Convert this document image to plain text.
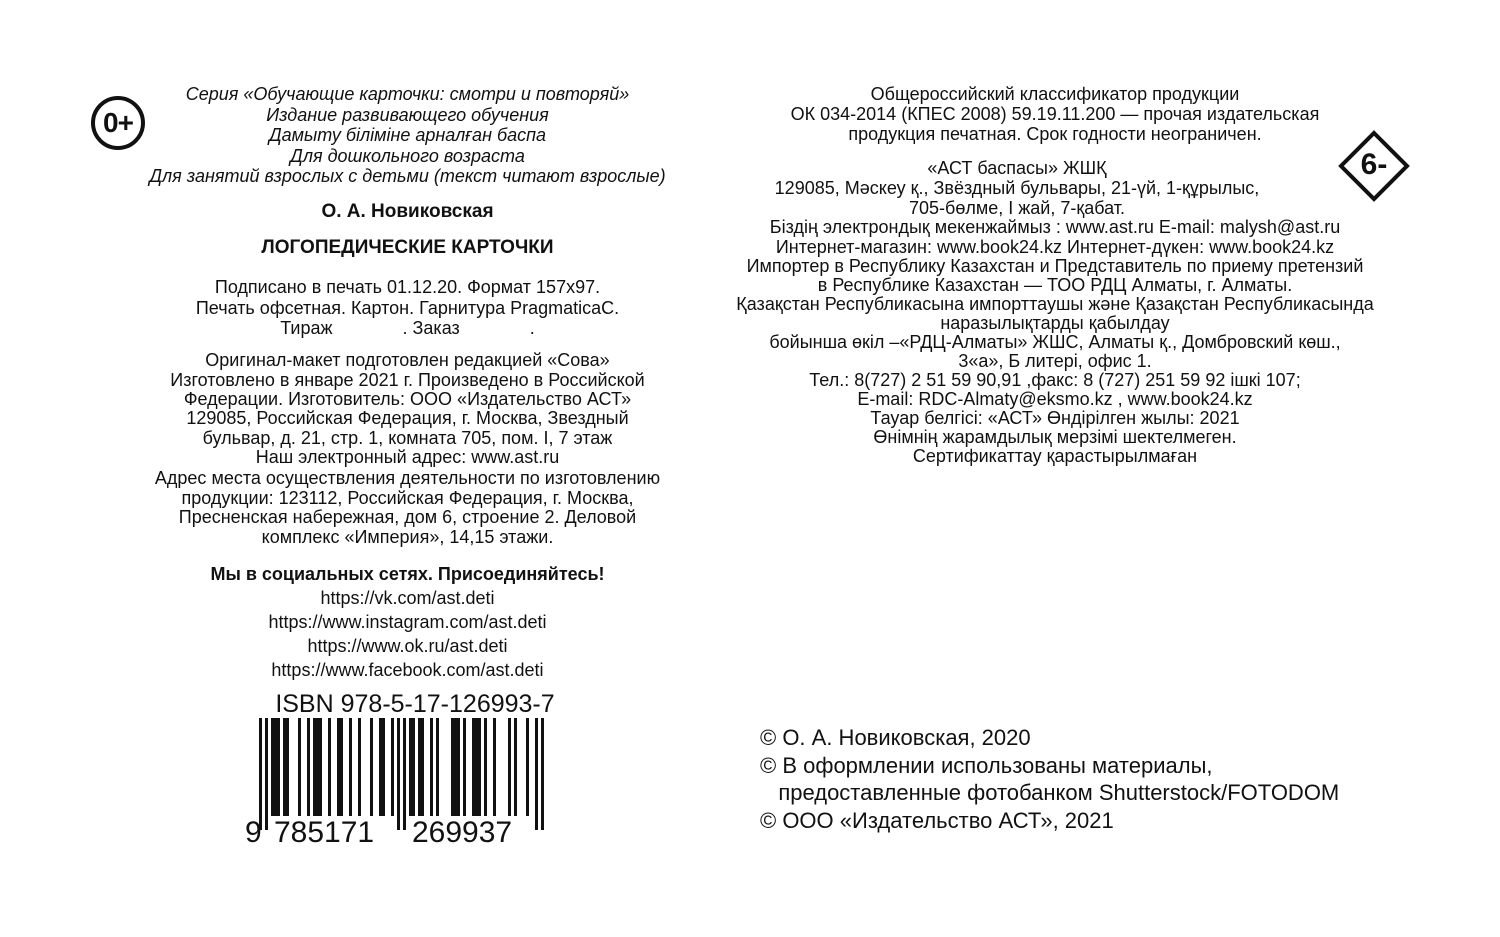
0+
6-
Серия «Обучающие карточки: смотри и повторяй»
Издание развивающего обучения
Дамыту біліміне арналған баспа
Для дошкольного возраста
Для занятий взрослых с детьми (текст читают взрослые)
О. А. Новиковская
ЛОГОПЕДИЧЕСКИЕ КАРТОЧКИ
Подписано в печать 01.12.20. Формат 157х97.
Печать офсетная. Картон. Гарнитура PragmaticaC.
Тираж              . Заказ              .
Оригинал-макет подготовлен редакцией «Сова»
Изготовлено в январе 2021 г. Произведено в Российской
Федерации. Изготовитель: ООО «Издательство АСТ»
129085, Российская Федерация, г. Москва, Звездный
бульвар, д. 21, стр. 1, комната 705, пом. I, 7 этаж
Наш электронный адрес: www.ast.ru
Адрес места осуществления деятельности по изготовлению
продукции: 123112, Российская Федерация, г. Москва,
Пресненская набережная, дом 6, строение 2. Деловой
комплекс «Империя», 14,15 этажи.
Мы в социальных сетях. Присоединяйтесь!
https://vk.com/ast.deti
https://www.instagram.com/ast.deti
https://www.ok.ru/ast.deti
https://www.facebook.com/ast.deti
ISBN 978-5-17-126993-7
9 785171 269937
Общероссийский классификатор продукции
ОК 034-2014 (КПЕС 2008) 59.19.11.200 — прочая издательская
продукция печатная. Срок годности неограничен.
«АСТ баспасы» ЖШҚ
129085, Мәскеу қ., Звёздный бульвары, 21-үй, 1-құрылыс,
705-бөлме, I жай, 7-қабат.
Біздің электрондық мекенжаймыз : www.ast.ru E-mail: malysh@ast.ru
Интернет-магазин: www.book24.kz Интернет-дүкен: www.book24.kz
Импортер в Республику Казахстан и Представитель по приему претензий
в Республике Казахстан — ТОО РДЦ Алматы, г. Алматы.
Қазақстан Республикасына импорттаушы және Қазақстан Республикасында
наразылықтарды қабылдау
бойынша өкіл –«РДЦ-Алматы» ЖШС, Алматы қ., Домбровский көш.,
3«а», Б литері, офис 1.
Тел.: 8(727) 2 51 59 90,91 ,факс: 8 (727) 251 59 92 ішкі 107;
E-mail: RDC-Almaty@eksmo.kz , www.book24.kz
Тауар белгісі: «АСТ» Өндірілген жылы: 2021
Өнімнің жарамдылық мерзімі шектелмеген.
Сертификаттау қарастырылмаған
© О. А. Новиковская, 2020
© В оформлении использованы материалы,
предоставленные фотобанком Shutterstock/FOTODOM
© ООО «Издательство АСТ», 2021
